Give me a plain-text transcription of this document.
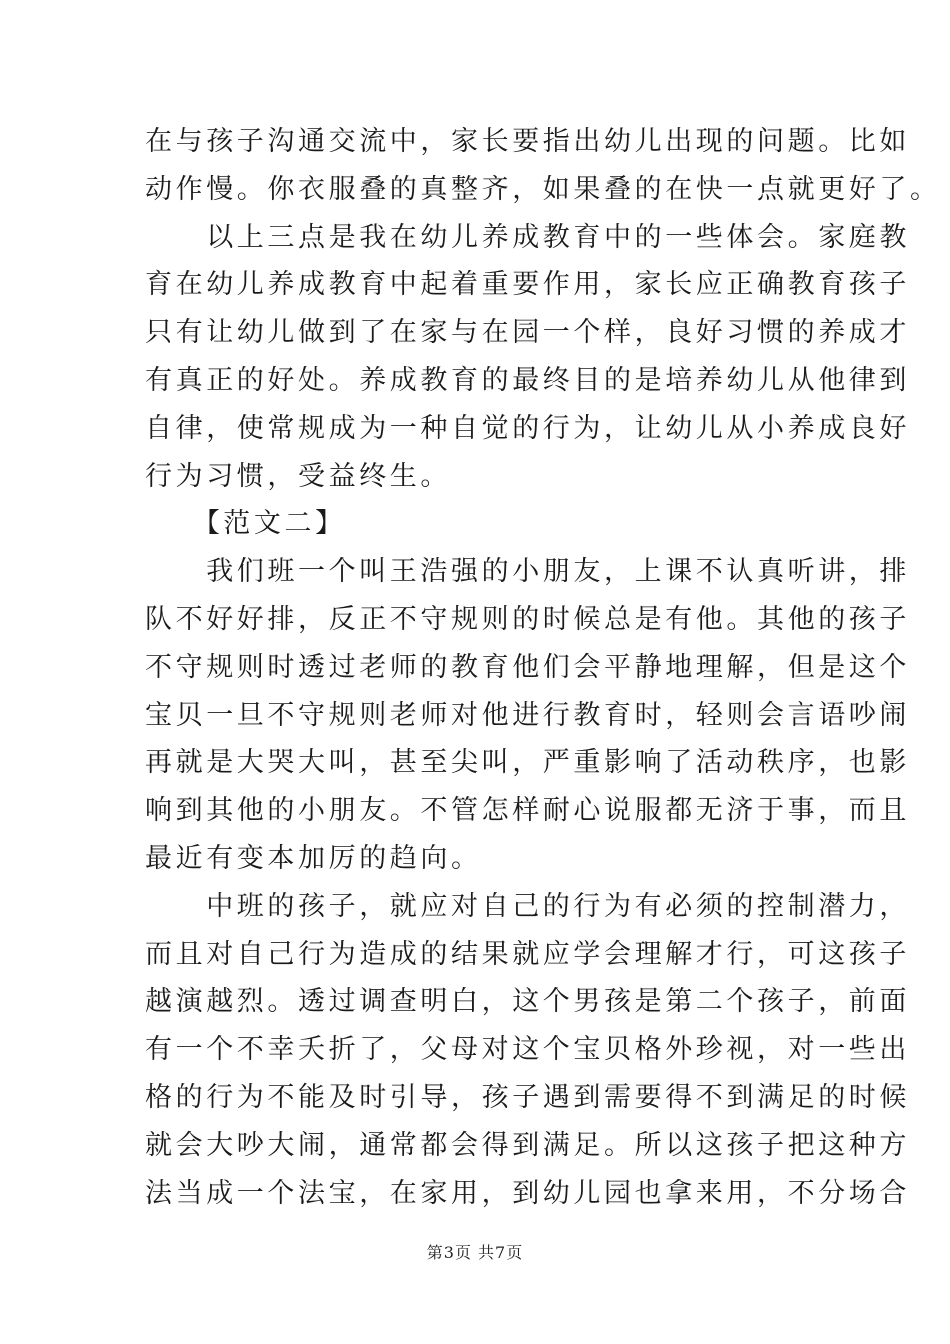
在与孩子沟通交流中，家长要指出幼儿出现的问题。比如
动作慢。你衣服叠的真整齐，如果叠的在快一点就更好了。
　　以上三点是我在幼儿养成教育中的一些体会。家庭教
育在幼儿养成教育中起着重要作用，家长应正确教育孩子
只有让幼儿做到了在家与在园一个样，良好习惯的养成才
有真正的好处。养成教育的最终目的是培养幼儿从他律到
自律，使常规成为一种自觉的行为，让幼儿从小养成良好
行为习惯，受益终生。
　　【范文二】
　　我们班一个叫王浩强的小朋友，上课不认真听讲，排
队不好好排，反正不守规则的时候总是有他。其他的孩子
不守规则时透过老师的教育他们会平静地理解，但是这个
宝贝一旦不守规则老师对他进行教育时，轻则会言语吵闹
再就是大哭大叫，甚至尖叫，严重影响了活动秩序，也影
响到其他的小朋友。不管怎样耐心说服都无济于事，而且
最近有变本加厉的趋向。
　　中班的孩子，就应对自己的行为有必须的控制潜力，
而且对自己行为造成的结果就应学会理解才行，可这孩子
越演越烈。透过调查明白，这个男孩是第二个孩子，前面
有一个不幸夭折了，父母对这个宝贝格外珍视，对一些出
格的行为不能及时引导，孩子遇到需要得不到满足的时候
就会大吵大闹，通常都会得到满足。所以这孩子把这种方
法当成一个法宝，在家用，到幼儿园也拿来用，不分场合
第3页 共7页
